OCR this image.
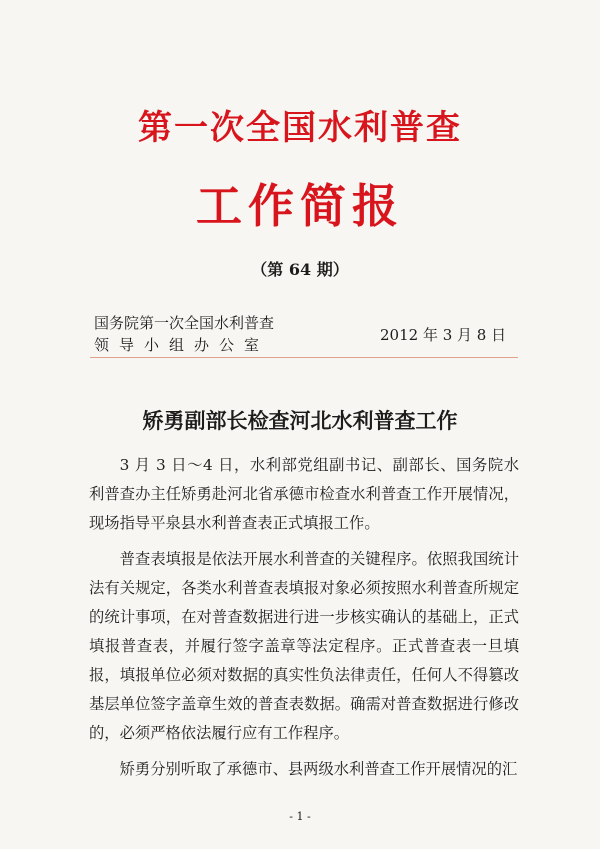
第一次全国水利普查
工作简报
（第 64 期）
国务院第一次全国水利普查
领导小组办公室
2012 年 3 月 8 日
矫勇副部长检查河北水利普查工作

3 月 3 日～4 日，水利部党组副书记、副部长、国务院水利普查办主任矫勇赴河北省承德市检查水利普查工作开展情况，现场指导平泉县水利普查表正式填报工作。

普查表填报是依法开展水利普查的关键程序。依照我国统计法有关规定，各类水利普查表填报对象必须按照水利普查所规定的统计事项，在对普查数据进行进一步核实确认的基础上，正式填报普查表，并履行签字盖章等法定程序。正式普查表一旦填报，填报单位必须对数据的真实性负法律责任，任何人不得篡改基层单位签字盖章生效的普查表数据。确需对普查数据进行修改的，必须严格依法履行应有工作程序。

矫勇分别听取了承德市、县两级水利普查工作开展情况的汇

- 1 -
